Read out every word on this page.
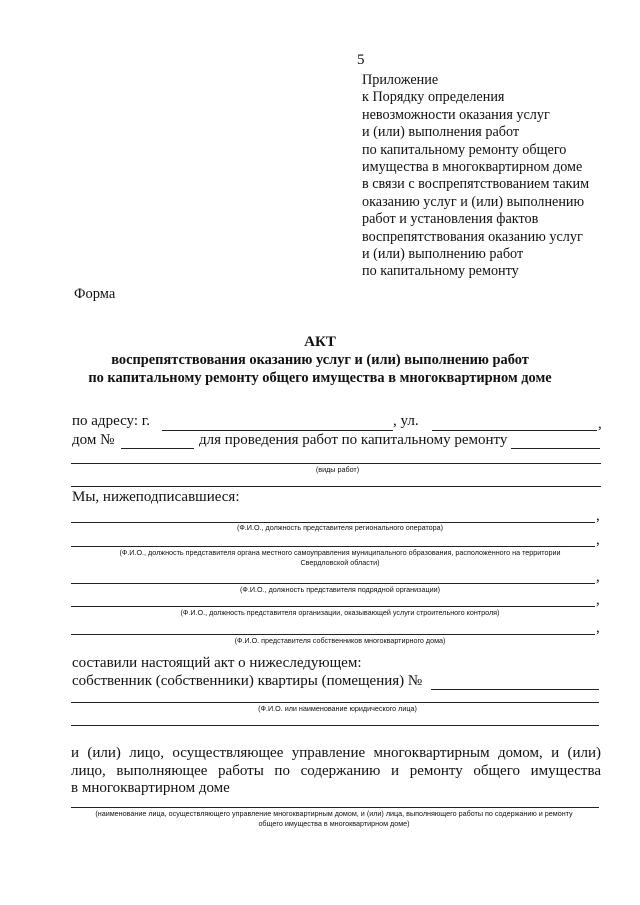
5
Приложение
к Порядку определения
невозможности оказания услуг
и (или) выполнения работ
по капитальному ремонту общего
имущества в многоквартирном доме
в связи с воспрепятствованием таким
оказанию услуг и (или) выполнению
работ и установления фактов
воспрепятствования оказанию услуг
и (или) выполнению работ
по капитальному ремонту
Форма
АКТ
воспрепятствования оказанию услуг и (или) выполнению работ
по капитальному ремонту общего имущества в многоквартирном доме
по адресу: г.	, ул.	,
дом №	для проведения работ по капитальному ремонту
(виды работ)
Мы, нижеподписавшиеся:
,
(Ф.И.О., должность представителя регионального оператора)
,
(Ф.И.О., должность представителя органа местного самоуправления муниципального образования, расположенного на территории
Свердловской области)
,
(Ф.И.О., должность представителя подрядной организации)
,
(Ф.И.О., должность представителя организации, оказывающей услуги строительного контроля)
,
(Ф.И.О. представителя собственников многоквартирного дома)
составили настоящий акт о нижеследующем:
собственник (собственники) квартиры (помещения) №
(Ф.И.О. или наименование юридического лица)
и (или) лицо, осуществляющее управление многоквартирным домом, и (или)
лицо, выполняющее работы по содержанию и ремонту общего имущества
в многоквартирном доме
(наименование лица, осуществляющего управление многоквартирным домом, и (или) лица, выполняющего работы по содержанию и ремонту
общего имущества в многоквартирном доме)
